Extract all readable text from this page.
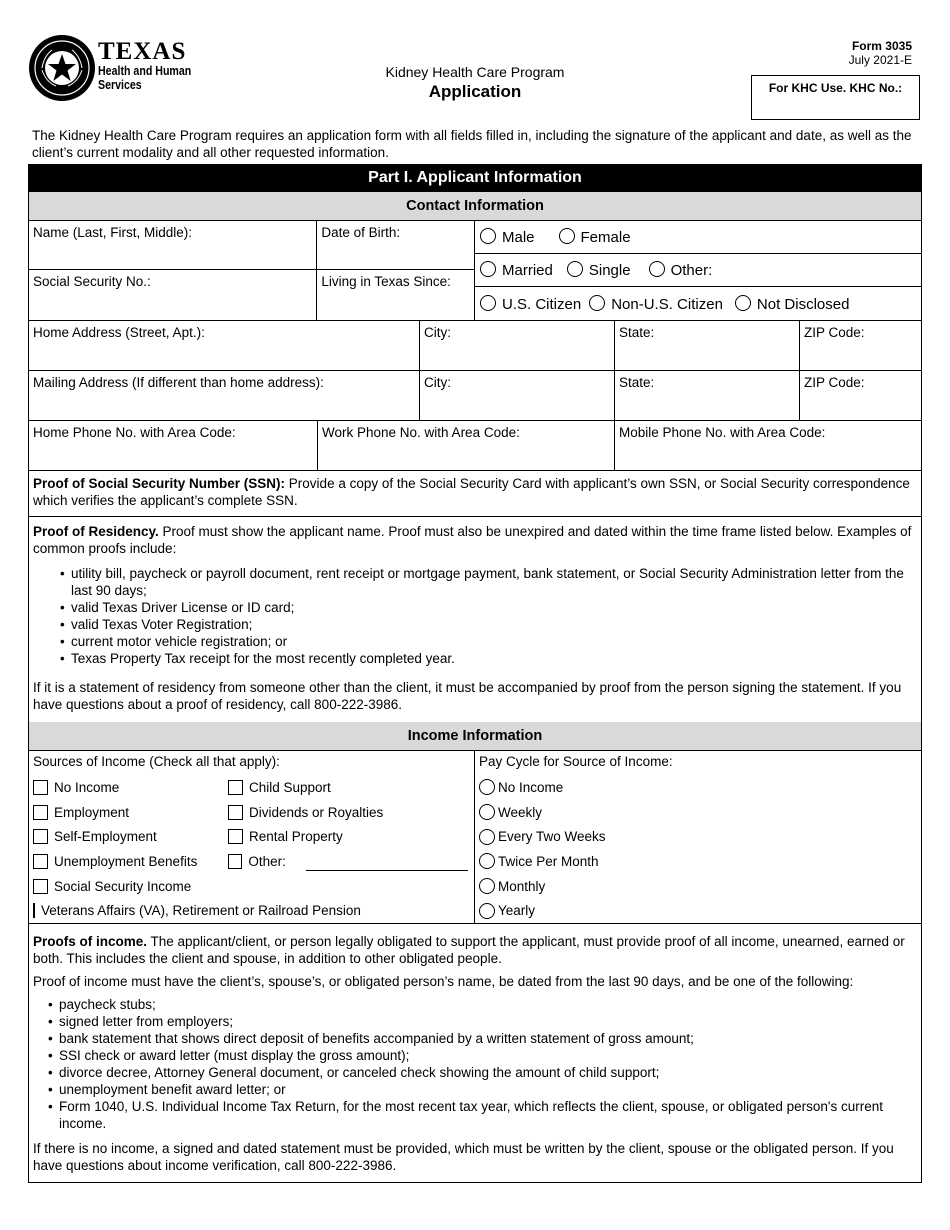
TEXAS
Health and Human
Services
Kidney Health Care Program
Application
Form 3035
July 2021-E
For KHC Use. KHC No.:
The Kidney Health Care Program requires an application form with all fields filled in, including the signature of the applicant and date, as well as the client’s current modality and all other requested information.
Part I. Applicant Information
Contact Information
Name (Last, First, Middle):	Date of Birth:
Social Security No.:	Living in Texas Since:
Male	Female
Married	Single	Other:
U.S. Citizen	Non-U.S. Citizen	Not Disclosed
Home Address (Street, Apt.):	City:	State:	ZIP Code:
Mailing Address (If different than home address):	City:	State:	ZIP Code:
Home Phone No. with Area Code:	Work Phone No. with Area Code:	Mobile Phone No. with Area Code:
Proof of Social Security Number (SSN): Provide a copy of the Social Security Card with applicant’s own SSN, or Social Security correspondence which verifies the applicant’s complete SSN.
Proof of Residency. Proof must show the applicant name. Proof must also be unexpired and dated within the time frame listed below. Examples of common proofs include:
• utility bill, paycheck or payroll document, rent receipt or mortgage payment, bank statement, or Social Security Administration letter from the last 90 days;
• valid Texas Driver License or ID card;
• valid Texas Voter Registration;
• current motor vehicle registration; or
• Texas Property Tax receipt for the most recently completed year.
If it is a statement of residency from someone other than the client, it must be accompanied by proof from the person signing the statement. If you have questions about a proof of residency, call 800-222-3986.
Income Information
Sources of Income (Check all that apply):
No Income
Employment
Self-Employment
Unemployment Benefits
Social Security Income
Veterans Affairs (VA), Retirement or Railroad Pension
Child Support
Dividends or Royalties
Rental Property
Other:
Pay Cycle for Source of Income:
No Income
Weekly
Every Two Weeks
Twice Per Month
Monthly
Yearly
Proofs of income. The applicant/client, or person legally obligated to support the applicant, must provide proof of all income, unearned, earned or both. This includes the client and spouse, in addition to other obligated people.
Proof of income must have the client’s, spouse’s, or obligated person’s name, be dated from the last 90 days, and be one of the following:
• paycheck stubs;
• signed letter from employers;
• bank statement that shows direct deposit of benefits accompanied by a written statement of gross amount;
• SSI check or award letter (must display the gross amount);
• divorce decree, Attorney General document, or canceled check showing the amount of child support;
• unemployment benefit award letter; or
• Form 1040, U.S. Individual Income Tax Return, for the most recent tax year, which reflects the client, spouse, or obligated person's current income.
If there is no income, a signed and dated statement must be provided, which must be written by the client, spouse or the obligated person. If you have questions about income verification, call 800-222-3986.
